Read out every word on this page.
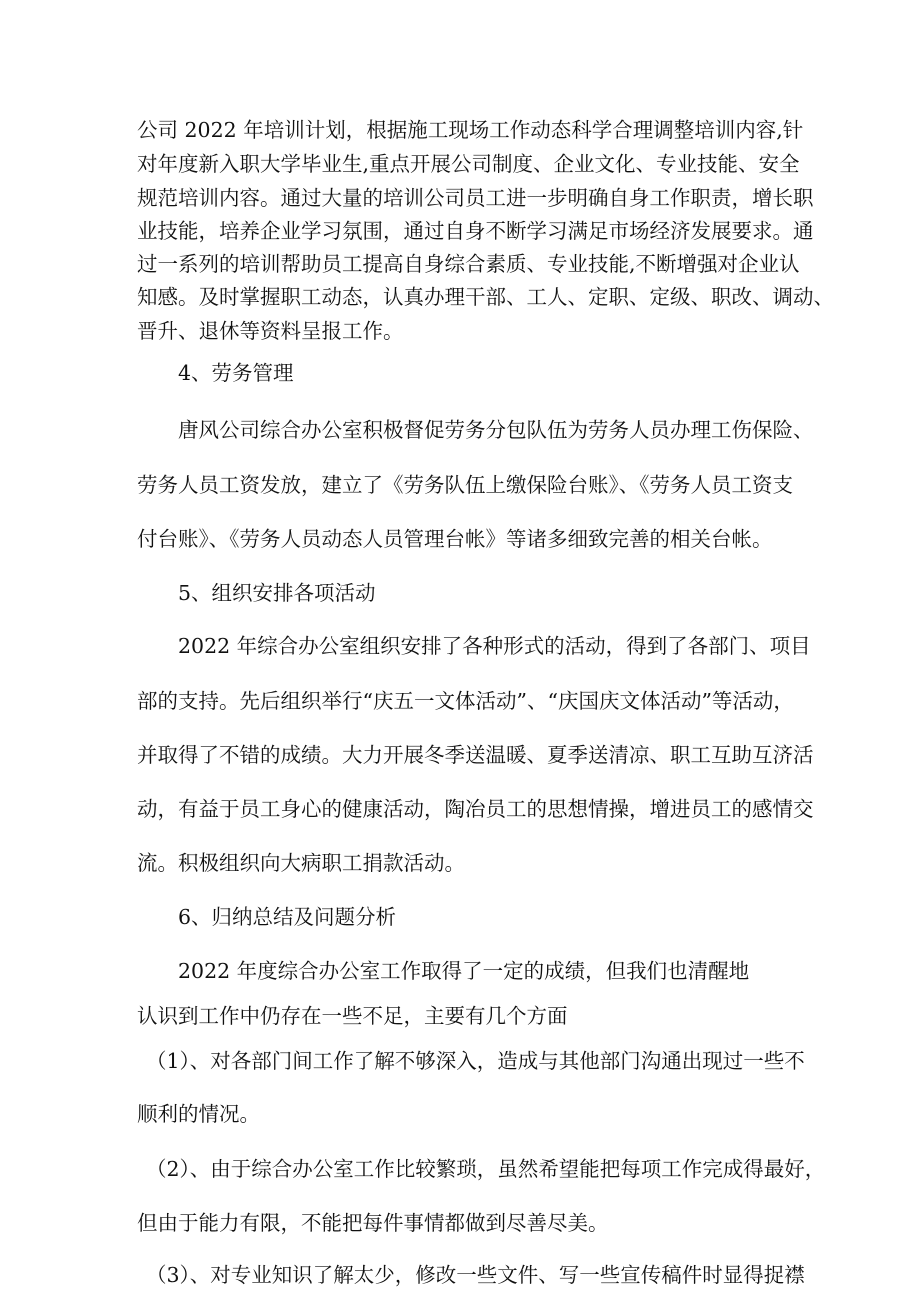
公司 2022 年培训计划，根据施工现场工作动态科学合理调整培训内容,针
对年度新入职大学毕业生,重点开展公司制度、企业文化、专业技能、安全
规范培训内容。通过大量的培训公司员工进一步明确自身工作职责，增长职
业技能，培养企业学习氛围，通过自身不断学习满足市场经济发展要求。通
过一系列的培训帮助员工提高自身综合素质、专业技能,不断增强对企业认
知感。及时掌握职工动态，认真办理干部、工人、定职、定级、职改、调动、
晋升、退休等资料呈报工作。
4、劳务管理
唐风公司综合办公室积极督促劳务分包队伍为劳务人员办理工伤保险、
劳务人员工资发放，建立了《劳务队伍上缴保险台账》、《劳务人员工资支
付台账》、《劳务人员动态人员管理台帐》等诸多细致完善的相关台帐。
5、组织安排各项活动
2022 年综合办公室组织安排了各种形式的活动，得到了各部门、项目
部的支持。先后组织举行“庆五一文体活动”、“庆国庆文体活动”等活动，
并取得了不错的成绩。大力开展冬季送温暖、夏季送清凉、职工互助互济活
动，有益于员工身心的健康活动，陶冶员工的思想情操，增进员工的感情交
流。积极组织向大病职工捐款活动。
6、归纳总结及问题分析
2022 年度综合办公室工作取得了一定的成绩，但我们也清醒地
认识到工作中仍存在一些不足，主要有几个方面
（1）、对各部门间工作了解不够深入，造成与其他部门沟通出现过一些不
顺利的情况。
（2）、由于综合办公室工作比较繁琐，虽然希望能把每项工作完成得最好，
但由于能力有限，不能把每件事情都做到尽善尽美。
（3）、对专业知识了解太少，修改一些文件、写一些宣传稿件时显得捉襟
